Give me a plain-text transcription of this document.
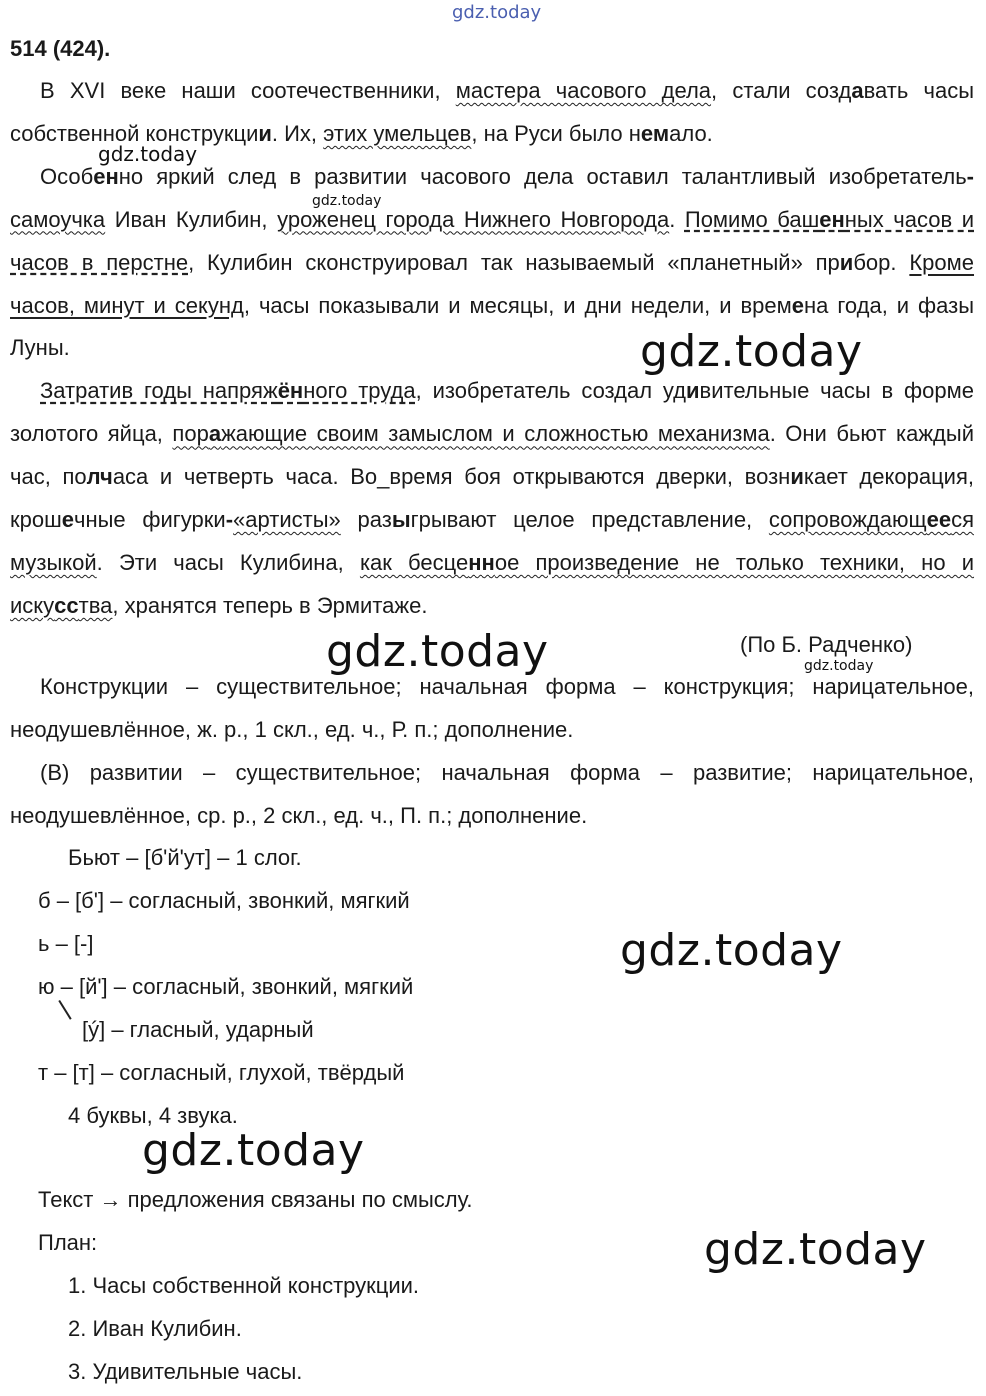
gdz.today
gdz.today
gdz.today
gdz.today
gdz.today	gdz.today
gdz.today
gdz.today
gdz.today
514 (424).

В XVI веке наши соотечественники, мастера часового дела, стали создавать часы собственной конструкции. Их, этих умельцев, на Руси было немало.

Особенно яркий след в развитии часового дела оставил талантливый изобретатель-самоучка Иван Кулибин, уроженец города Нижнего Новгорода. Помимо башенных часов и часов в перстне, Кулибин сконструировал так называемый «планетный» прибор. Кроме часов, минут и секунд, часы показывали и месяцы, и дни недели, и времена года, и фазы Луны.

Затратив годы напряжённого труда, изобретатель создал удивительные часы в форме золотого яйца, поражающие своим замыслом и сложностью механизма. Они бьют каждый час, полчаса и четверть часа. Во_время боя открываются дверки, возникает декорация, крошечные фигурки-«артисты» разыгрывают целое представление, сопровождающееся музыкой. Эти часы Кулибина, как бесценное произведение не только техники, но и искусства, хранятся теперь в Эрмитаже.

(По Б. Радченко)

Конструкции – существительное; начальная форма – конструкция; нарицательное, неодушевлённое, ж. р., 1 скл., ед. ч., Р. п.; дополнение.

(В) развитии – существительное; начальная форма – развитие; нарицательное, неодушевлённое, ср. р., 2 скл., ед. ч., П. п.; дополнение.

Бьют – [б'й'ут] – 1 слог.
б – [б'] – согласный, звонкий, мягкий
ь – [-]
ю – [й'] – согласный, звонкий, мягкий
[ý] – гласный, ударный
т – [т] – согласный, глухой, твёрдый
4 буквы, 4 звука.
Текст → предложения связаны по смыслу.
План:
1. Часы собственной конструкции.
2. Иван Кулибин.
3. Удивительные часы.
